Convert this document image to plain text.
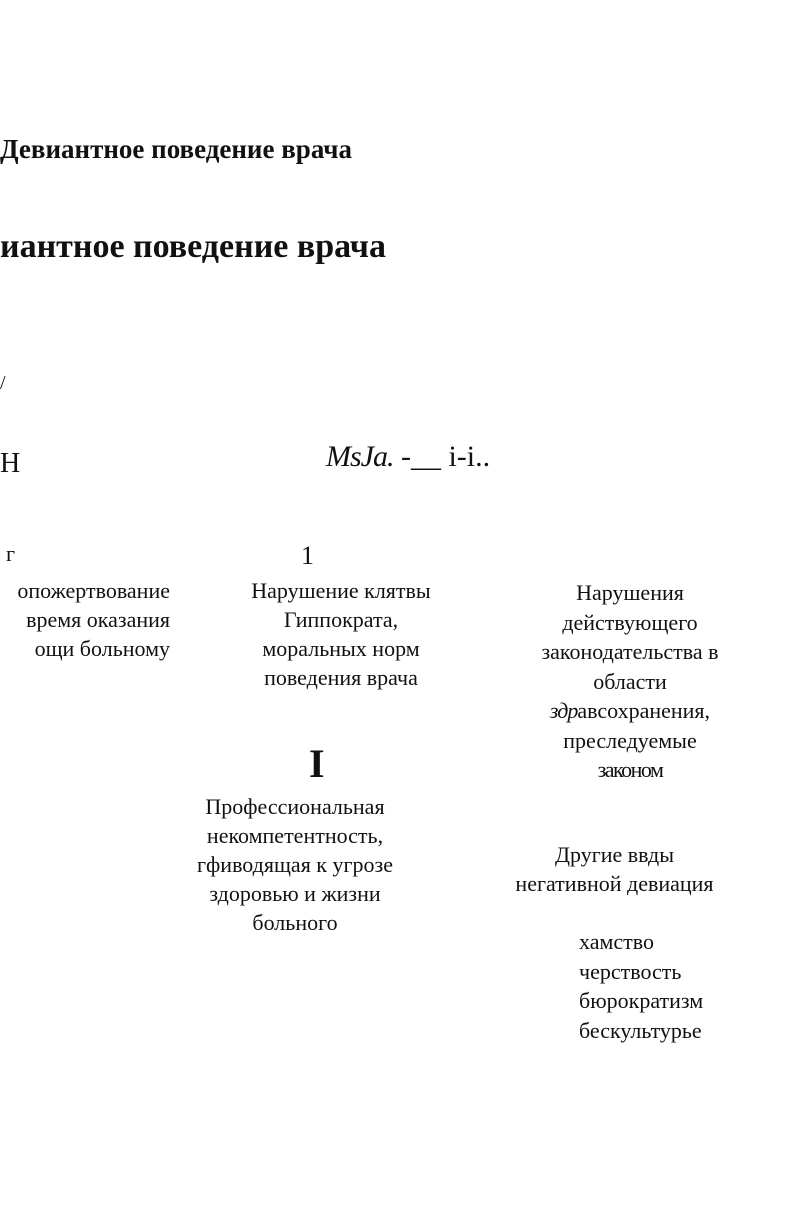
Девиантное поведение врача
иантное поведение врача
/
Н	MsJa. -__ i-i..
г	1
опожертвование
время оказания
ощи больному
Нарушение клятвы
Гиппократа,
моральных норм
поведения врача
Нарушения
действующего
законодательства в
области
здравсохранения,
преследуемые
законом
I
Профессиональная
некомпетентность,
гфиводящая к угрозе
здоровью и жизни
больного
Другие ввды
негативной девиация
хамство
черствость
бюрократизм
бескультурье
